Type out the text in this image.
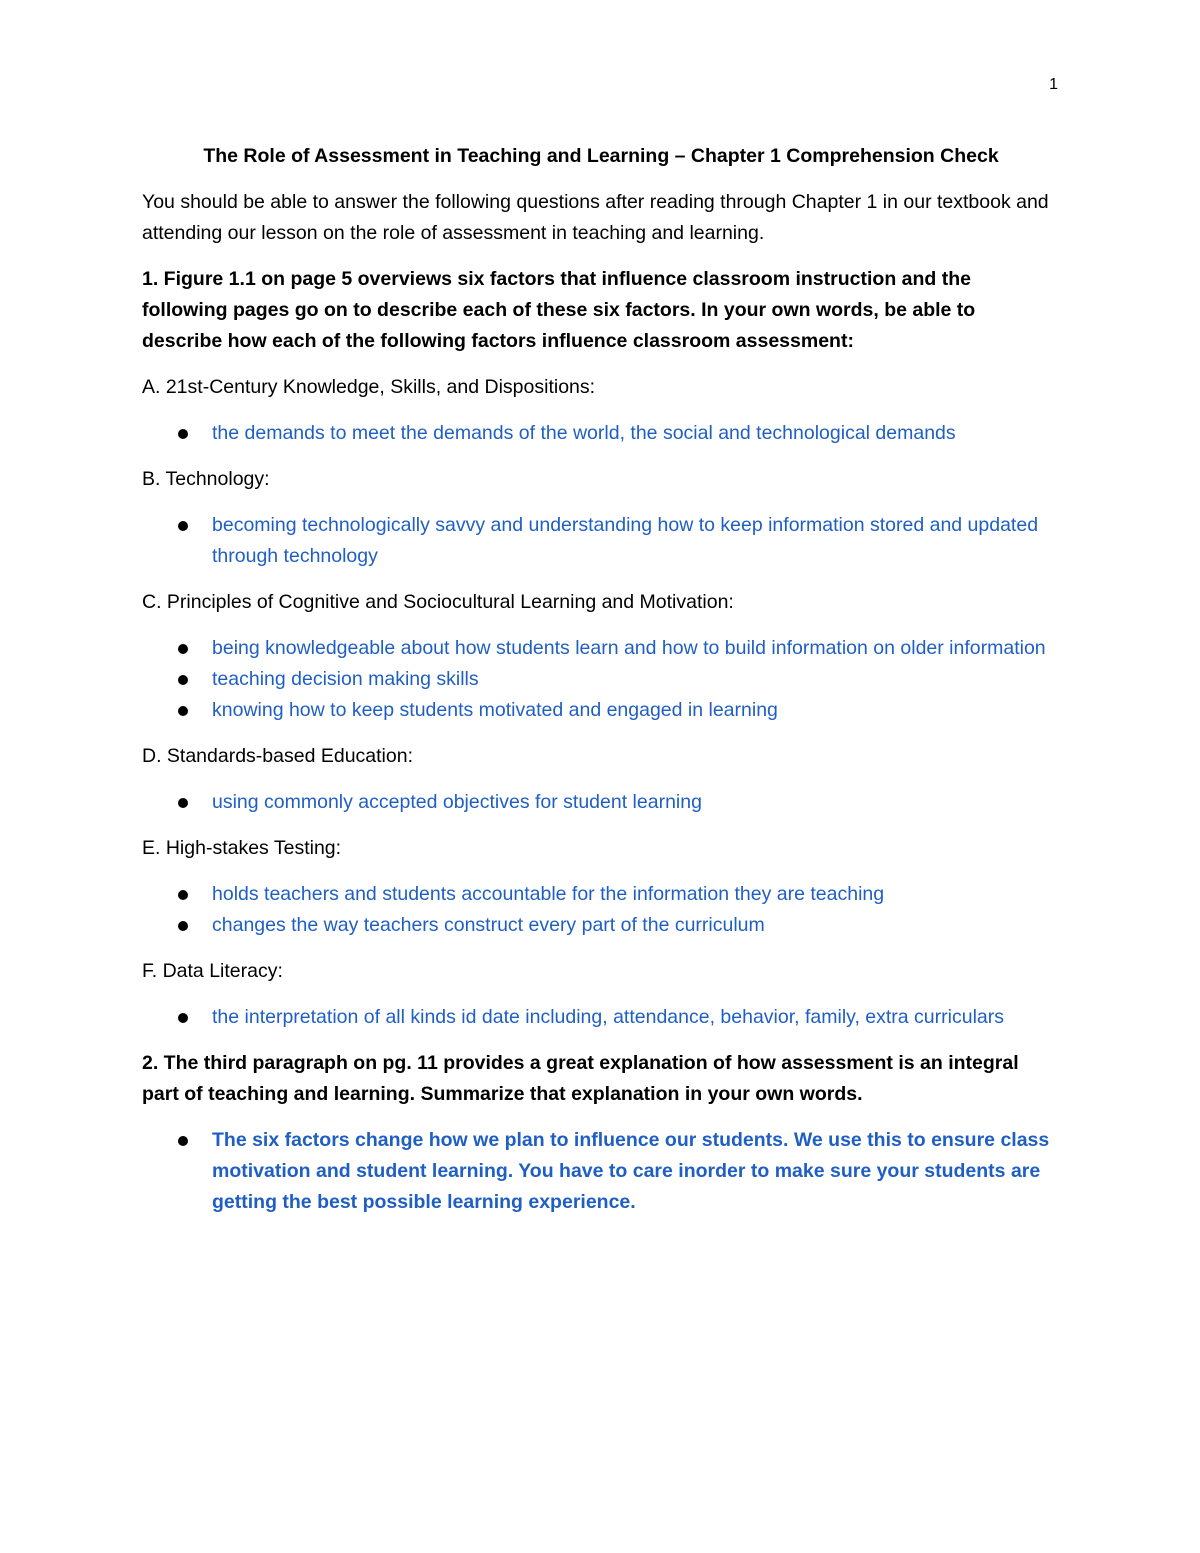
1
The Role of Assessment in Teaching and Learning – Chapter 1 Comprehension Check

You should be able to answer the following questions after reading through Chapter 1 in our textbook and attending our lesson on the role of assessment in teaching and learning.

1. Figure 1.1 on page 5 overviews six factors that influence classroom instruction and the following pages go on to describe each of these six factors. In your own words, be able to describe how each of the following factors influence classroom assessment:

A. 21st-Century Knowledge, Skills, and Dispositions:
the demands to meet the demands of the world, the social and technological demands
B. Technology:
becoming technologically savvy and understanding how to keep information stored and updated through technology
C. Principles of Cognitive and Sociocultural Learning and Motivation:
being knowledgeable about how students learn and how to build information on older information
teaching decision making skills
knowing how to keep students motivated and engaged in learning
D. Standards-based Education:
using commonly accepted objectives for student learning
E. High-stakes Testing:
holds teachers and students accountable for the information they are teaching
changes the way teachers construct every part of the curriculum
F. Data Literacy:
the interpretation of all kinds id date including, attendance, behavior, family, extra curriculars

2. The third paragraph on pg. 11 provides a great explanation of how assessment is an integral part of teaching and learning. Summarize that explanation in your own words.

The six factors change how we plan to influence our students. We use this to ensure class motivation and student learning. You have to care inorder to make sure your students are getting the best possible learning experience.
